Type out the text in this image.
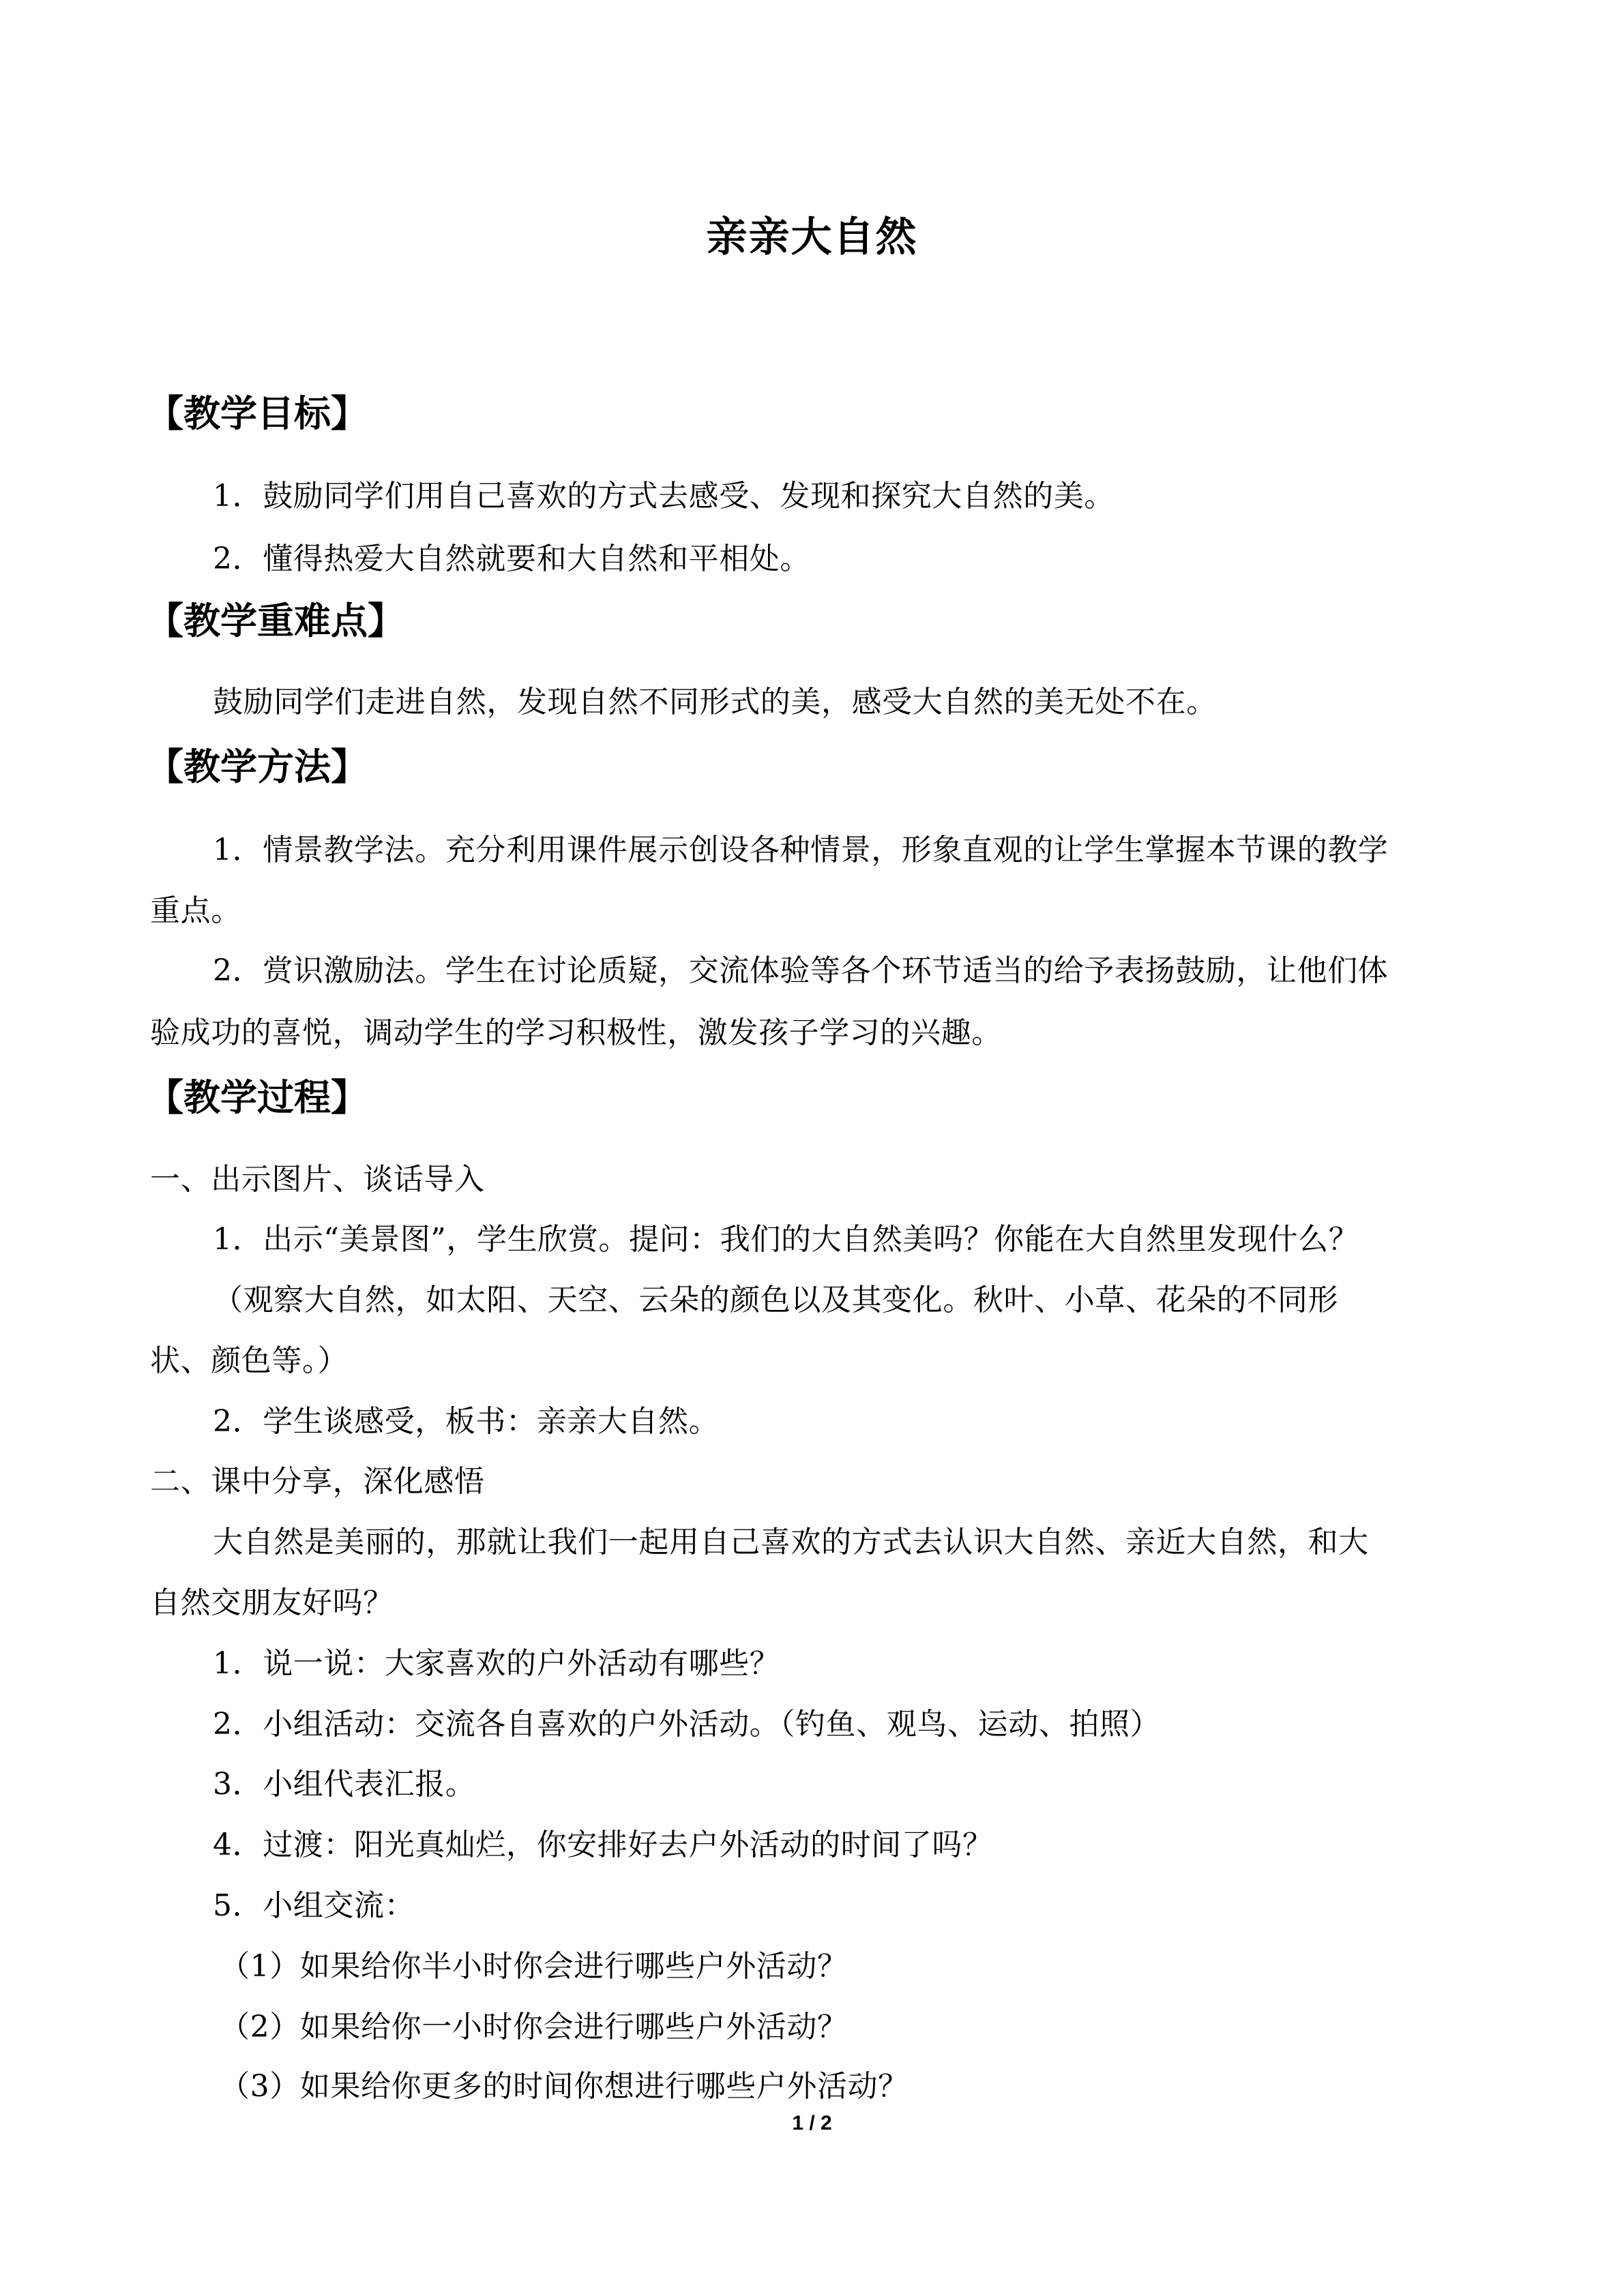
亲亲大自然
【教学目标】
1．鼓励同学们用自己喜欢的方式去感受、发现和探究大自然的美。
2．懂得热爱大自然就要和大自然和平相处。
【教学重难点】
鼓励同学们走进自然，发现自然不同形式的美，感受大自然的美无处不在。
【教学方法】
1．情景教学法。充分利用课件展示创设各种情景，形象直观的让学生掌握本节课的教学
重点。
2．赏识激励法。学生在讨论质疑，交流体验等各个环节适当的给予表扬鼓励，让他们体
验成功的喜悦，调动学生的学习积极性，激发孩子学习的兴趣。
【教学过程】
一、出示图片、谈话导入
1．出示“美景图”，学生欣赏。提问：我们的大自然美吗？你能在大自然里发现什么？
（观察大自然，如太阳、天空、云朵的颜色以及其变化。秋叶、小草、花朵的不同形
状、颜色等。）
2．学生谈感受，板书：亲亲大自然。
二、课中分享，深化感悟
大自然是美丽的，那就让我们一起用自己喜欢的方式去认识大自然、亲近大自然，和大
自然交朋友好吗？
1．说一说：大家喜欢的户外活动有哪些？
2．小组活动：交流各自喜欢的户外活动。（钓鱼、观鸟、运动、拍照）
3．小组代表汇报。
4．过渡：阳光真灿烂，你安排好去户外活动的时间了吗？
5．小组交流：
（1）如果给你半小时你会进行哪些户外活动？
（2）如果给你一小时你会进行哪些户外活动？
（3）如果给你更多的时间你想进行哪些户外活动？
1 / 2
